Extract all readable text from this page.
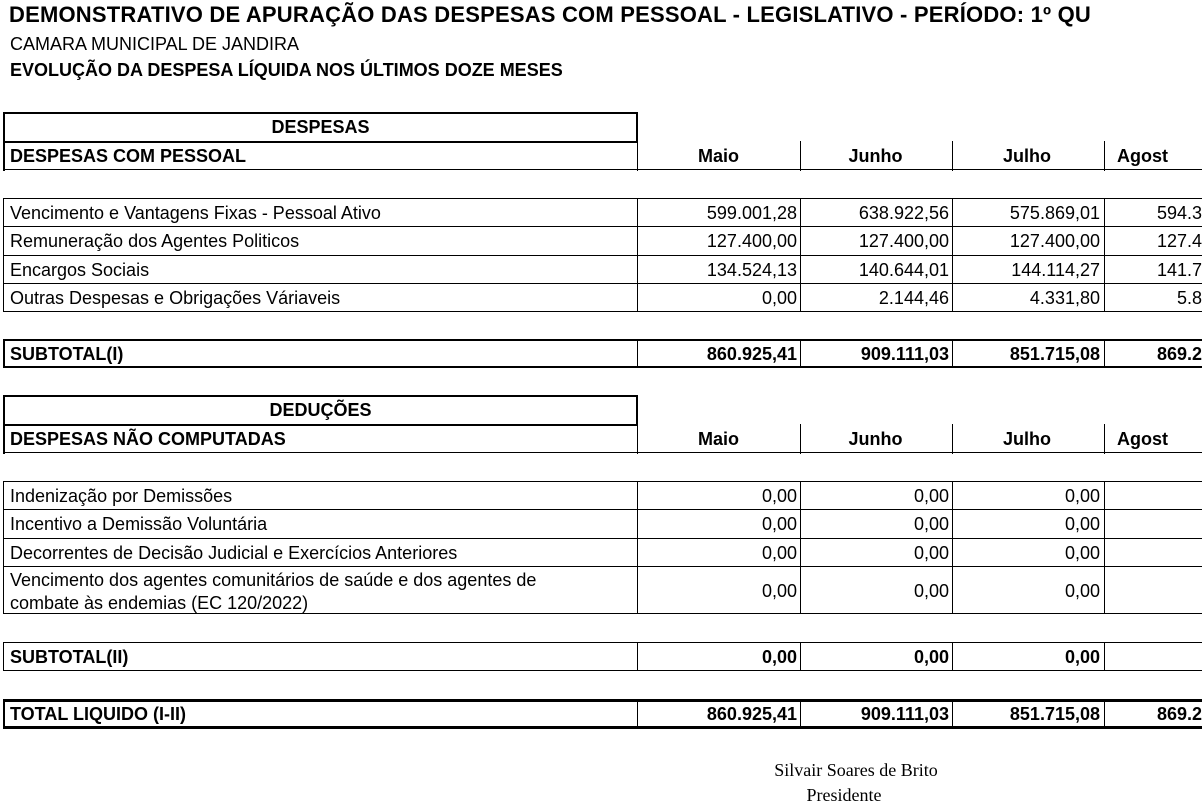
DEMONSTRATIVO DE APURAÇÃO DAS DESPESAS COM PESSOAL - LEGISLATIVO - PERÍODO: 1º QU
CAMARA MUNICIPAL DE JANDIRA
EVOLUÇÃO DA DESPESA LÍQUIDA NOS ÚLTIMOS DOZE MESES
DESPESAS
DESPESAS COM PESSOAL	Maio	Junho	Julho	Agost
Vencimento e Vantagens Fixas - Pessoal Ativo	599.001,28	638.922,56	575.869,01	594.3
Remuneração dos Agentes Politicos	127.400,00	127.400,00	127.400,00	127.4
Encargos Sociais	134.524,13	140.644,01	144.114,27	141.7
Outras Despesas e Obrigações Váriaveis	0,00	2.144,46	4.331,80	5.8
SUBTOTAL(I)	860.925,41	909.111,03	851.715,08	869.2
DEDUÇÕES
DESPESAS NÃO COMPUTADAS	Maio	Junho	Julho	Agost
Indenização por Demissões	0,00	0,00	0,00
Incentivo a Demissão Voluntária	0,00	0,00	0,00
Decorrentes de Decisão Judicial e Exercícios Anteriores	0,00	0,00	0,00
Vencimento dos agentes comunitários de saúde e dos agentes de
combate às endemias (EC 120/2022)
0,00	0,00	0,00
SUBTOTAL(II)	0,00	0,00	0,00
TOTAL LIQUIDO (I-II)	860.925,41	909.111,03	851.715,08	869.2
Silvair Soares de Brito
Presidente
